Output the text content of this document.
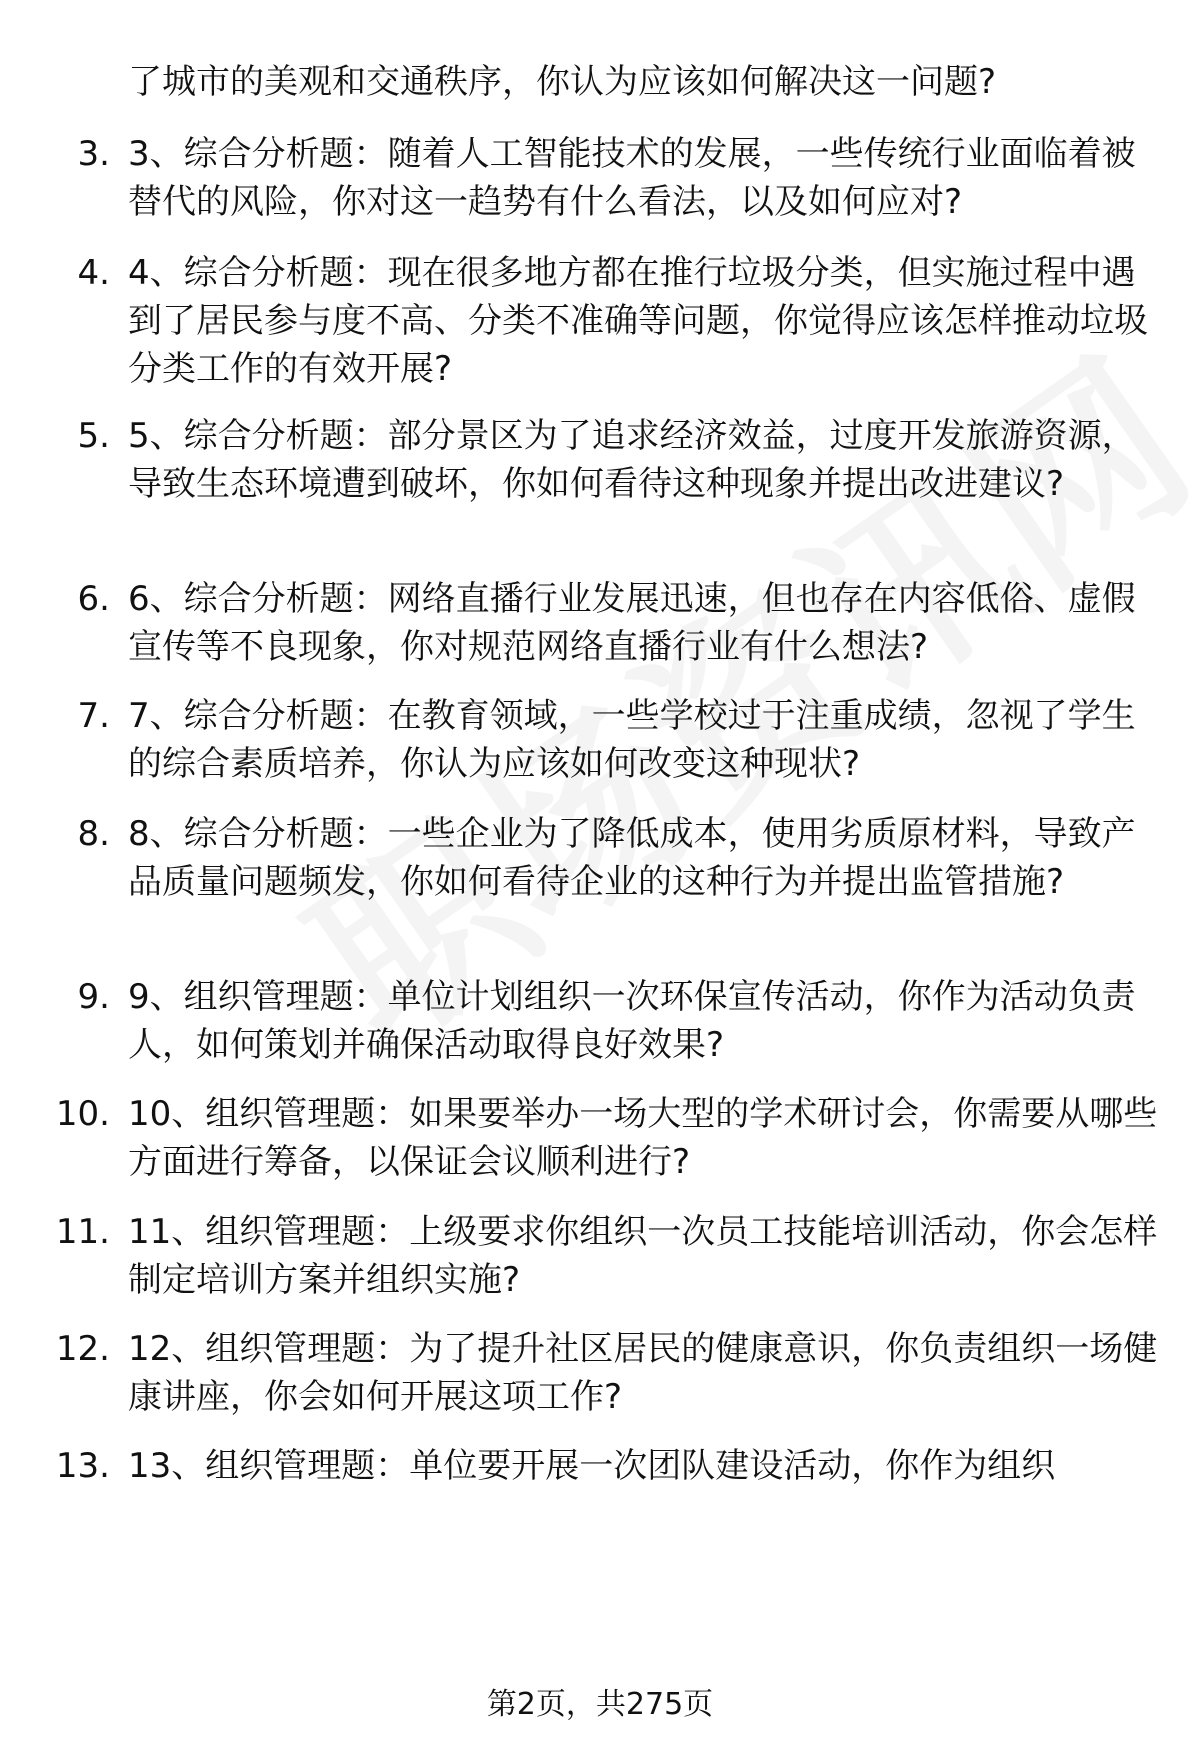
了城市的美观和交通秩序，你认为应该如何解决这一问题?
3. 3、综合分析题：随着人工智能技术的发展，一些传统行业面临着被替代的风险，你对这一趋势有什么看法，以及如何应对?
4. 4、综合分析题：现在很多地方都在推行垃圾分类，但实施过程中遇到了居民参与度不高、分类不准确等问题，你觉得应该怎样推动垃圾分类工作的有效开展?
5. 5、综合分析题：部分景区为了追求经济效益，过度开发旅游资源，导致生态环境遭到破坏，你如何看待这种现象并提出改进建议?
6. 6、综合分析题：网络直播行业发展迅速，但也存在内容低俗、虚假宣传等不良现象，你对规范网络直播行业有什么想法?
7. 7、综合分析题：在教育领域，一些学校过于注重成绩，忽视了学生的综合素质培养，你认为应该如何改变这种现状?
8. 8、综合分析题：一些企业为了降低成本，使用劣质原材料，导致产品质量问题频发，你如何看待企业的这种行为并提出监管措施?
9. 9、组织管理题：单位计划组织一次环保宣传活动，你作为活动负责人，如何策划并确保活动取得良好效果?
10. 10、组织管理题：如果要举办一场大型的学术研讨会，你需要从哪些方面进行筹备，以保证会议顺利进行?
11. 11、组织管理题：上级要求你组织一次员工技能培训活动，你会怎样制定培训方案并组织实施?
12. 12、组织管理题：为了提升社区居民的健康意识，你负责组织一场健康讲座，你会如何开展这项工作?
13. 13、组织管理题：单位要开展一次团队建设活动，你作为组织
第2页，共275页
